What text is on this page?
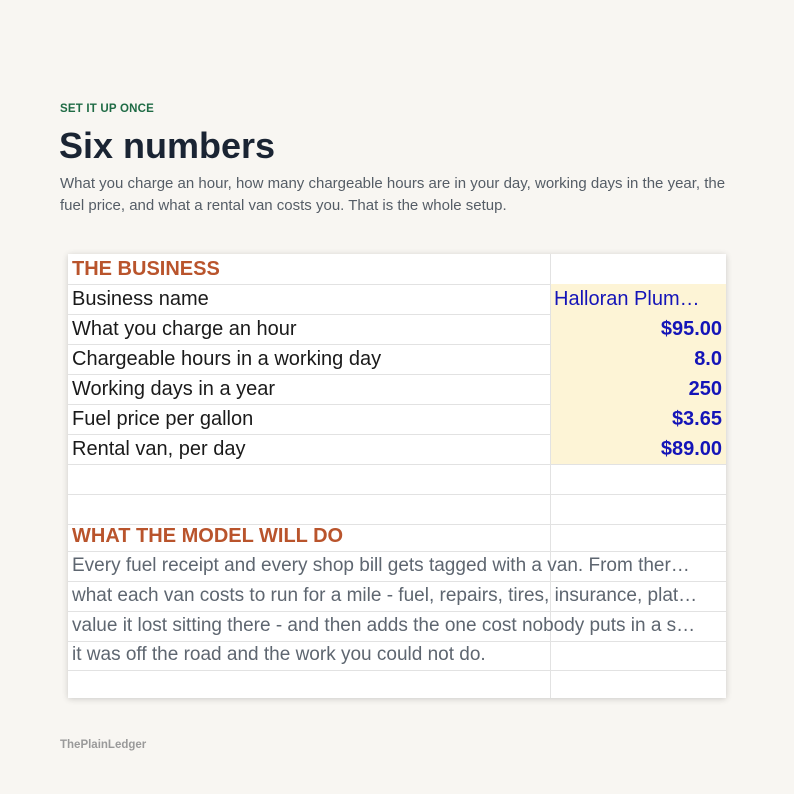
SET IT UP ONCE
Six numbers
What you charge an hour, how many chargeable hours are in your day, working days in the year, the fuel price, and what a rental van costs you. That is the whole setup.
THE BUSINESS
Business name	Halloran Plum…
What you charge an hour	$95.00
Chargeable hours in a working day	8.0
Working days in a year	250
Fuel price per gallon	$3.65
Rental van, per day	$89.00
WHAT THE MODEL WILL DO
Every fuel receipt and every shop bill gets tagged with a van. From ther…
what each van costs to run for a mile - fuel, repairs, tires, insurance, plat…
value it lost sitting there - and then adds the one cost nobody puts in a s…
it was off the road and the work you could not do.
ThePlainLedger
